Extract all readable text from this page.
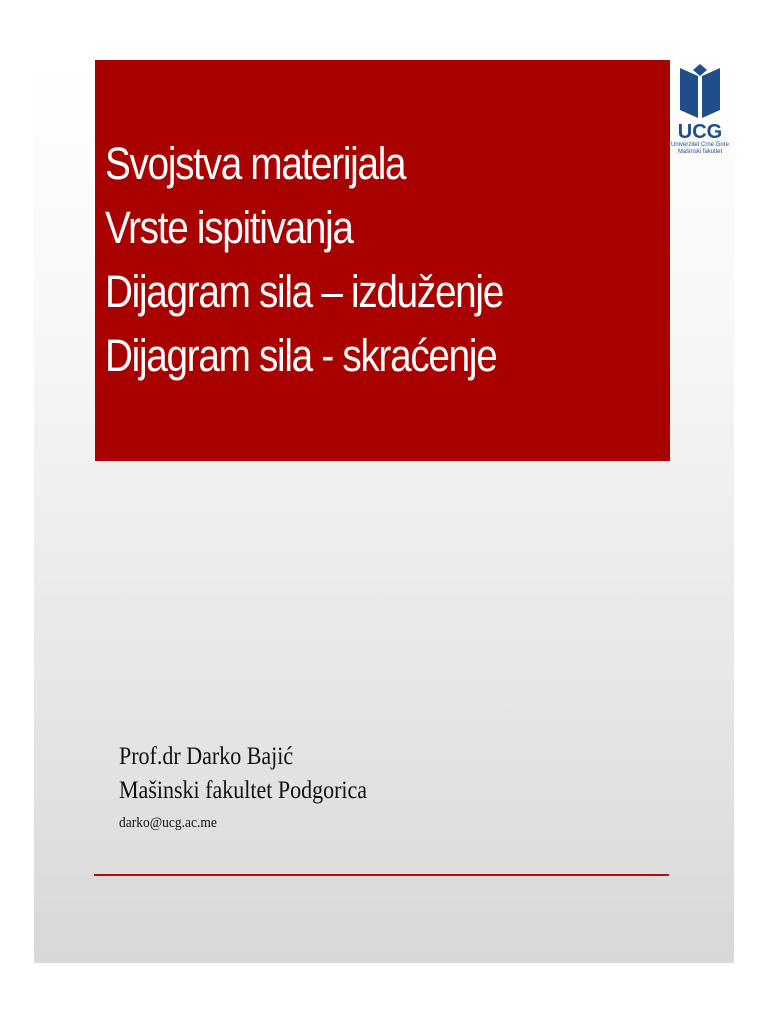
Svojstva materijala
Vrste ispitivanja
Dijagram sila – izduženje
Dijagram sila - skraćenje
UCG
Univerzitet Crne Gore
Mašinski fakultet
Prof.dr Darko Bajić
Mašinski fakultet Podgorica
darko@ucg.ac.me
